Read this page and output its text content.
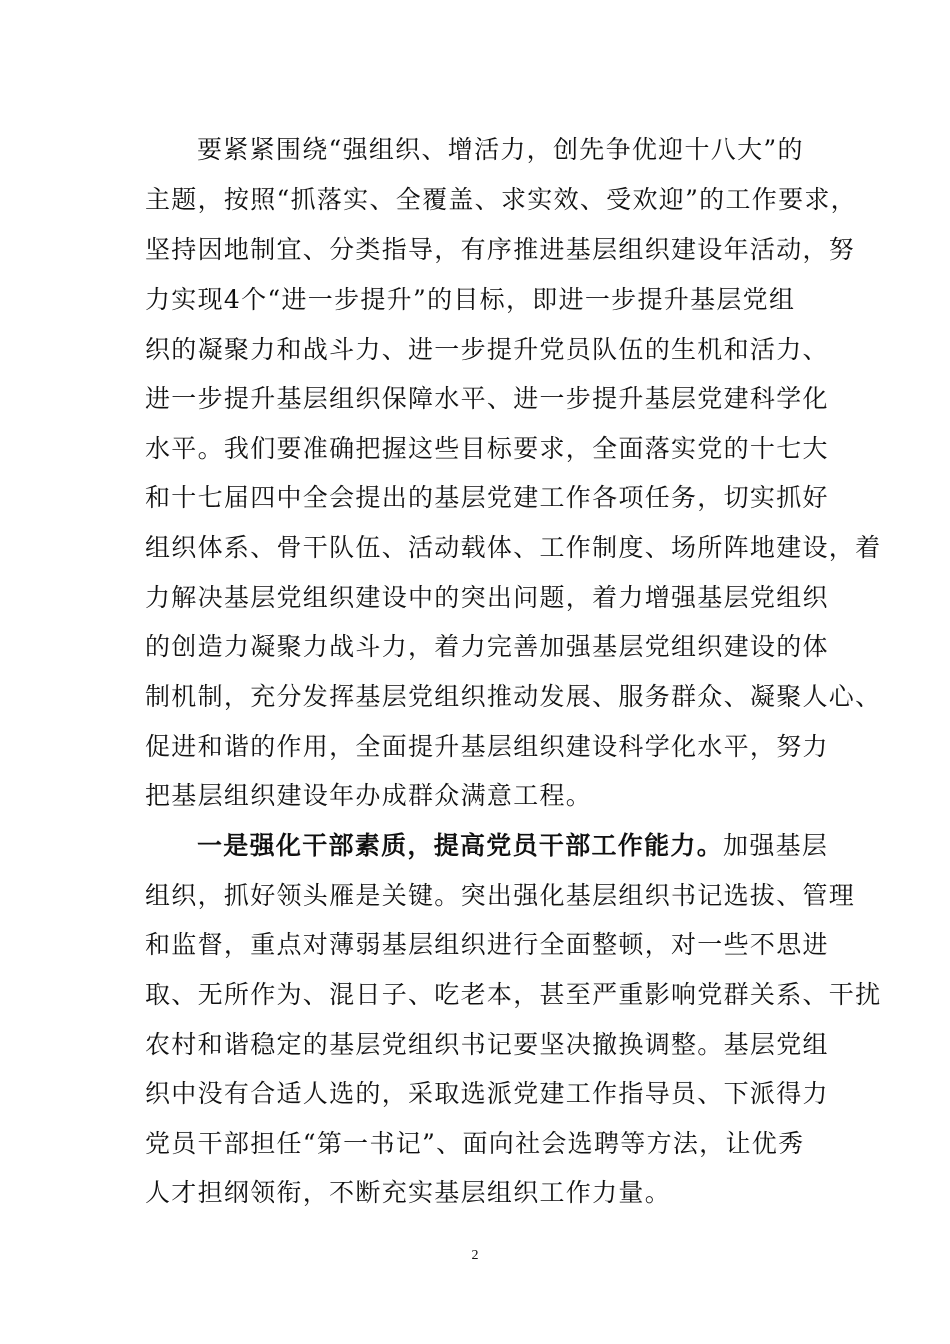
要紧紧围绕“强组织、增活力，创先争优迎十八大”的
主题，按照“抓落实、全覆盖、求实效、受欢迎”的工作要求，
坚持因地制宜、分类指导，有序推进基层组织建设年活动，努
力实现4个“进一步提升”的目标，即进一步提升基层党组
织的凝聚力和战斗力、进一步提升党员队伍的生机和活力、
进一步提升基层组织保障水平、进一步提升基层党建科学化
水平。我们要准确把握这些目标要求，全面落实党的十七大
和十七届四中全会提出的基层党建工作各项任务，切实抓好
组织体系、骨干队伍、活动载体、工作制度、场所阵地建设，着
力解决基层党组织建设中的突出问题，着力增强基层党组织
的创造力凝聚力战斗力，着力完善加强基层党组织建设的体
制机制，充分发挥基层党组织推动发展、服务群众、凝聚人心、
促进和谐的作用，全面提升基层组织建设科学化水平，努力
把基层组织建设年办成群众满意工程。
一是强化干部素质，提高党员干部工作能力。加强基层
组织，抓好领头雁是关键。突出强化基层组织书记选拔、管理
和监督，重点对薄弱基层组织进行全面整顿，对一些不思进
取、无所作为、混日子、吃老本，甚至严重影响党群关系、干扰
农村和谐稳定的基层党组织书记要坚决撤换调整。基层党组
织中没有合适人选的，采取选派党建工作指导员、下派得力
党员干部担任“第一书记”、面向社会选聘等方法，让优秀
人才担纲领衔，不断充实基层组织工作力量。
2
